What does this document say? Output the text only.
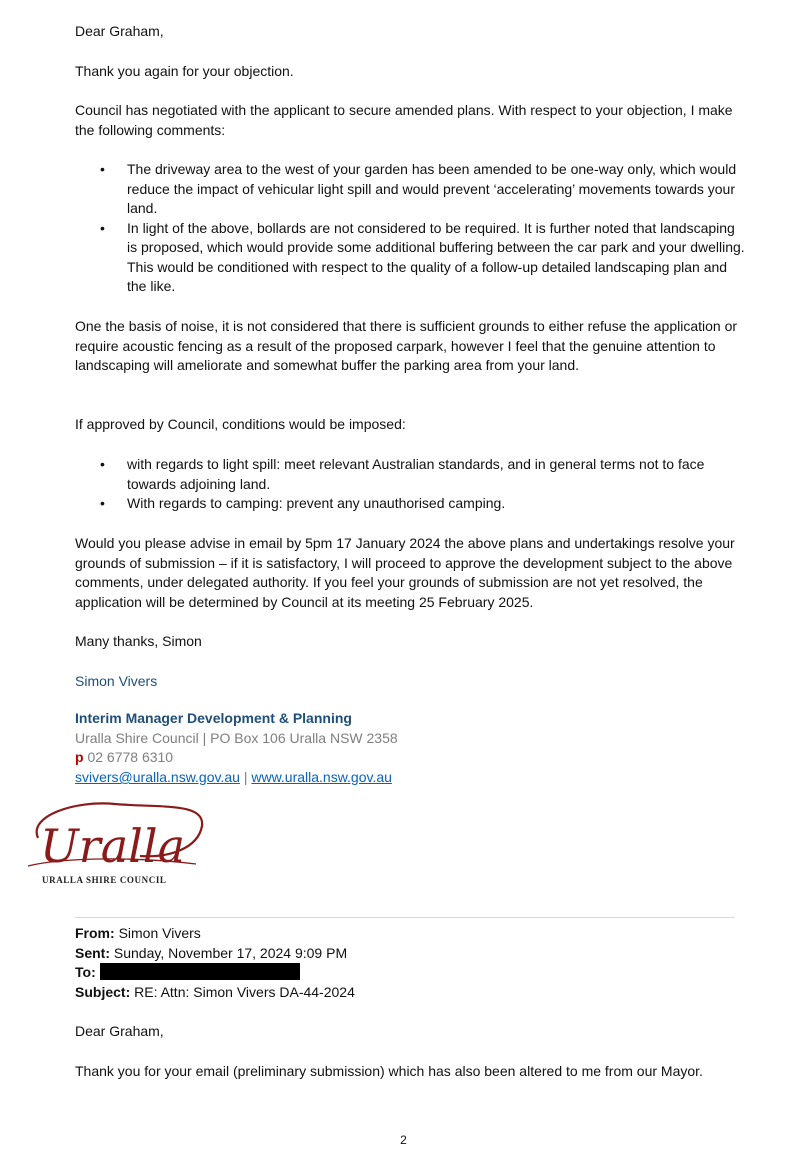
Dear Graham,

Thank you again for your objection.

Council has negotiated with the applicant to secure amended plans. With respect to your objection, I make the following comments:

• The driveway area to the west of your garden has been amended to be one-way only, which would reduce the impact of vehicular light spill and would prevent ‘accelerating’ movements towards your land.
• In light of the above, bollards are not considered to be required. It is further noted that landscaping is proposed, which would provide some additional buffering between the car park and your dwelling. This would be conditioned with respect to the quality of a follow-up detailed landscaping plan and the like.

One the basis of noise, it is not considered that there is sufficient grounds to either refuse the application or require acoustic fencing as a result of the proposed carpark, however I feel that the genuine attention to landscaping will ameliorate and somewhat buffer the parking area from your land.

If approved by Council, conditions would be imposed:

• with regards to light spill: meet relevant Australian standards, and in general terms not to face towards adjoining land.
• With regards to camping: prevent any unauthorised camping.

Would you please advise in email by 5pm 17 January 2024 the above plans and undertakings resolve your grounds of submission – if it is satisfactory, I will proceed to approve the development subject to the above comments, under delegated authority. If you feel your grounds of submission are not yet resolved, the application will be determined by Council at its meeting 25 February 2025.

Many thanks, Simon

Simon Vivers

Interim Manager Development & Planning

Uralla Shire Council | PO Box 106 Uralla NSW 2358

p 02 6778 6310

svivers@uralla.nsw.gov.au | www.uralla.nsw.gov.au

Uralla
URALLA SHIRE COUNCIL

From: Simon Vivers

Sent: Sunday, November 17, 2024 9:09 PM

To:

Subject: RE: Attn: Simon Vivers DA-44-2024

Dear Graham,

Thank you for your email (preliminary submission) which has also been altered to me from our Mayor.

2
